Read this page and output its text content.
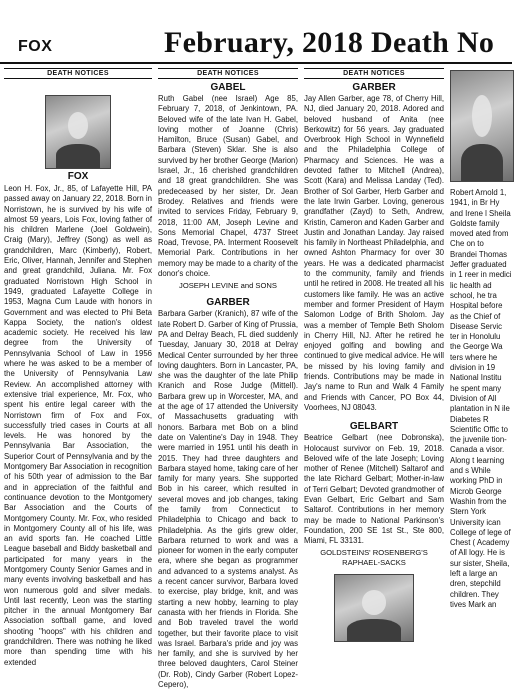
FOX	February, 2018 Death No
DEATH NOTICES
FOX

Leon H. Fox, Jr., 85, of Lafayette Hill, PA passed away on January 22, 2018. Born in Norristown, he is survived by his wife of almost 59 years, Lois Fox, loving father of his children Marlene (Joel Goldwein), Craig (Mary), Jeffrey (Song) as well as grandchildren, Marc (Kimberly), Robert, Eric, Oliver, Hannah, Jennifer and Stephen and great grandchild, Juliana. Mr. Fox graduated Norristown High School in 1949, graduated Lafayette College in 1953, Magna Cum Laude with honors in Government and was elected to Phi Beta Kappa Society, the nation's oldest academic society. He received his law degree from the University of Pennsylvania School of Law in 1956 where he was asked to be a member of the University of Pennsylvania Law Review. An accomplished attorney with extensive trial experience, Mr. Fox, who spent his entire legal career with the Norristown firm of Fox and Fox, successfully tried cases in Courts at all levels. He was honored by the Pennsylvania Bar Association, the Superior Court of Pennsylvania and by the Montgomery Bar Association in recognition of his 50th year of admission to the Bar and in appreciation of the faithful and continuance devotion to the Montgomery Bar Association and the Courts of Montgomery County. Mr. Fox, who resided in Montgomery County all of his life, was an avid sports fan. He coached Little League baseball and Biddy basketball and participated for many years in the Montgomery County Senior Games and in many events involving basketball and has won numerous gold and silver medals. Until last recently, Leon was the starting pitcher in the annual Montgomery Bar Association softball game, and loved shooting "hoops" with his children and grandchildren. There was nothing he liked more than spending time with his extended

DEATH NOTICES
GABEL

Ruth Gabel (nee Israel) Age 85, February 7, 2018, of Jenkintown, PA. Beloved wife of the late Ivan H. Gabel, loving mother of Joanne (Chris) Hamilton, Bruce (Susan) Gabel, and Barbara (Steven) Sklar. She is also survived by her brother George (Marion) Israel, Jr., 16 cherished grandchildren and 18 great grandchildren. She was predeceased by her sister, Dr. Jean Brodey. Relatives and friends were invited to services Friday, February 9, 2018, 11:00 AM, Joseph Levine and Sons Memorial Chapel, 4737 Street Road, Trevose, PA. Interment Roosevelt Memorial Park. Contributions in her memory may be made to a charity of the donor's choice.

JOSEPH LEVINE and SONS
GARBER

Barbara Garber (Kranich), 87 wife of the late Robert D. Garber of King of Prussia, PA and Delray Beach, FL died suddenly Tuesday, January 30, 2018 at Delray Medical Center surrounded by her three loving daughters. Born in Lancaster, PA, she was the daughter of the late Philip Kranich and Rose Judge (Mittell). Barbara grew up in Worcester, MA, and at the age of 17 attended the University of Massachusetts graduating with honors. Barbara met Bob on a blind date on Valentine's Day in 1948. They were married in 1951 until his death in 2015. They had three daughters and Barbara stayed home, taking care of her family for many years. She supported Bob in his career, which resulted in several moves and job changes, taking the family from Connecticut to Philadelphia to Chicago and back to Philadelphia. As the girls grew older, Barbara returned to work and was a pioneer for women in the early computer era, where she began as programmer and advanced to a systems analyst. As a recent cancer survivor, Barbara loved to exercise, play bridge, knit, and was starting a new hobby, learning to play canasta with her friends in Florida. She and Bob traveled travel the world together, but their favorite place to visit was Israel. Barbara's pride and joy was her family, and she is survived by her three beloved daughters, Carol Steiner (Dr. Rob), Cindy Garber (Robert Lopez-Cepero),

DEATH NOTICES
GARBER

Jay Allen Garber, age 78, of Cherry Hill, NJ, died January 20, 2018. Adored and beloved husband of Anita (nee Berkowitz) for 56 years. Jay graduated Overbrook High School in Wynnefield and the Philadelphia College of Pharmacy and Sciences. He was a devoted father to Mitchell (Andrea), Scott (Kara) and Melissa Landay (Ted). Brother of Sol Garber, Herb Garber and the late Irwin Garber. Loving, generous grandfather (Zayd) to Seth, Andrew, Kristin, Cameron and Kaden Garber and Justin and Jonathan Landay. Jay raised his family in Northeast Philadelphia, and owned Ashton Pharmacy for over 30 years. He was a dedicated pharmacist to the community, family and friends until he retired in 2008. He treated all his customers like family. He was an active member and former President of Haym Salomon Lodge of Brith Sholom. Jay was a member of Temple Beth Sholom in Cherry Hill, NJ. After he retired he enjoyed golfing and bowling and continued to give medical advice. He will be missed by his loving family and friends. Contributions may be made in Jay's name to Run and Walk 4 Family and Friends with Cancer, PO Box 44, Voorhees, NJ 08043.

GELBART

Beatrice Gelbart (nee Dobronska), Holocaust survivor on Feb. 19, 2018. Beloved wife of the late Joseph; Loving mother of Renee (Mitchell) Saltarof and the late Richard Gelbart; Mother-in-law of Terri Gelbart; Devoted grandmother of Evan Gelbart, Eric Gelbart and Sam Saltarof. Contributions in her memory may be made to National Parkinson's Foundation, 200 SE 1st St., Ste 800, Miami, FL 33131.

GOLDSTEINS' ROSENBERG'S RAPHAEL-SACKS

Robert Arnold 1, 1941, in Br Hy and Irene l Sheila Goldste family moved ated from Che on to Brandei Thomas Jeffer graduated in 1 reer in medici lic health ad school, he tra Hospital before as the Chief of Disease Servic ter in Honolulu the George Wa ters where he division in 19 National Institu he spent many Division of All plantation in N ile Diabetes R Scientific Offic to the juvenile tion-Canada a visor. Along t learning and s While working PhD in Microb George Washin from the Stern York University ican College of lege of Chest ( Academy of All logy. He is sur sister, Sheila, left a large an dren, stepchild children. They tives Mark an
